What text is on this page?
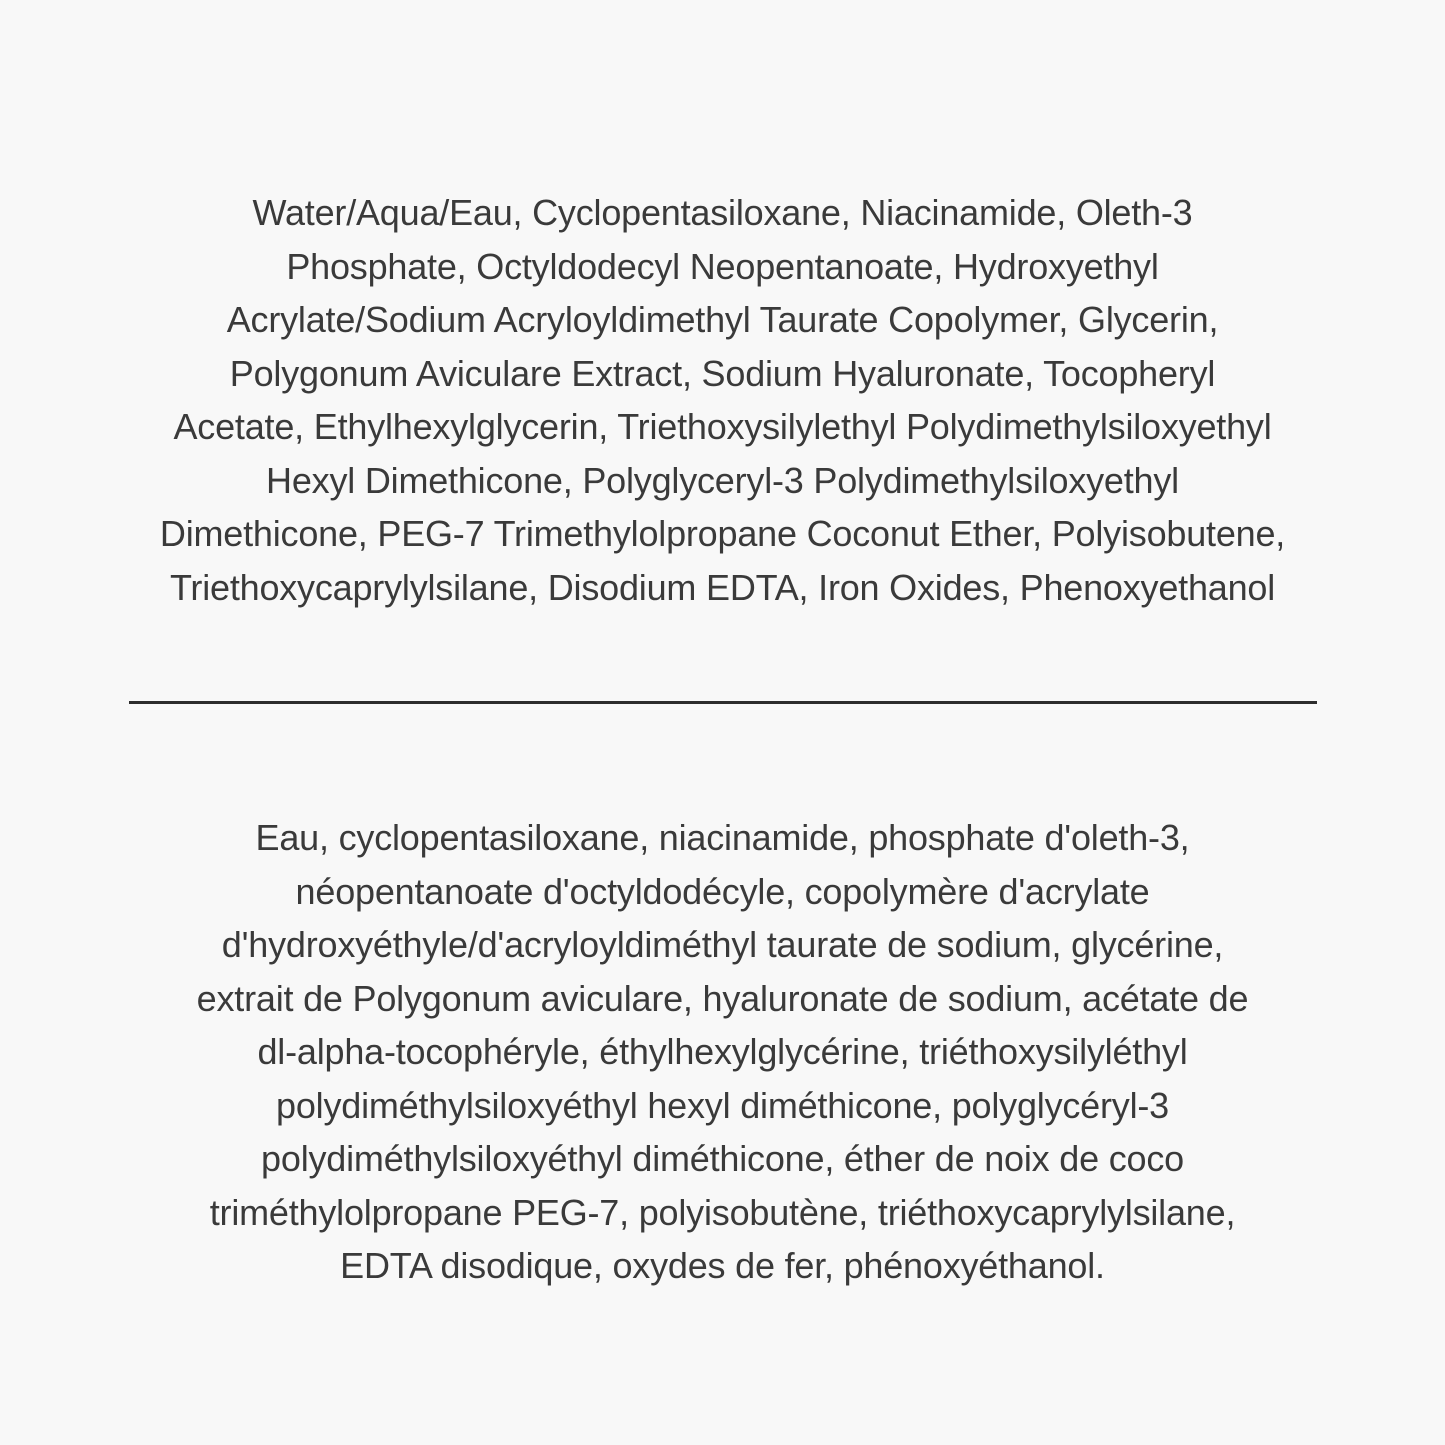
Water/Aqua/Eau, Cyclopentasiloxane, Niacinamide, Oleth-3
Phosphate, Octyldodecyl Neopentanoate, Hydroxyethyl
Acrylate/Sodium Acryloyldimethyl Taurate Copolymer, Glycerin,
Polygonum Aviculare Extract, Sodium Hyaluronate, Tocopheryl
Acetate, Ethylhexylglycerin, Triethoxysilylethyl Polydimethylsiloxyethyl
Hexyl Dimethicone, Polyglyceryl-3 Polydimethylsiloxyethyl
Dimethicone, PEG-7 Trimethylolpropane Coconut Ether, Polyisobutene,
Triethoxycaprylylsilane, Disodium EDTA, Iron Oxides, Phenoxyethanol
Eau, cyclopentasiloxane, niacinamide, phosphate d'oleth-3,
néopentanoate d'octyldodécyle, copolymère d'acrylate
d'hydroxyéthyle/d'acryloyldiméthyl taurate de sodium, glycérine,
extrait de Polygonum aviculare, hyaluronate de sodium, acétate de
dl-alpha-tocophéryle, éthylhexylglycérine, triéthoxysilyléthyl
polydiméthylsiloxyéthyl hexyl diméthicone, polyglycéryl-3
polydiméthylsiloxyéthyl diméthicone, éther de noix de coco
triméthylolpropane PEG-7, polyisobutène, triéthoxycaprylylsilane,
EDTA disodique, oxydes de fer, phénoxyéthanol.
